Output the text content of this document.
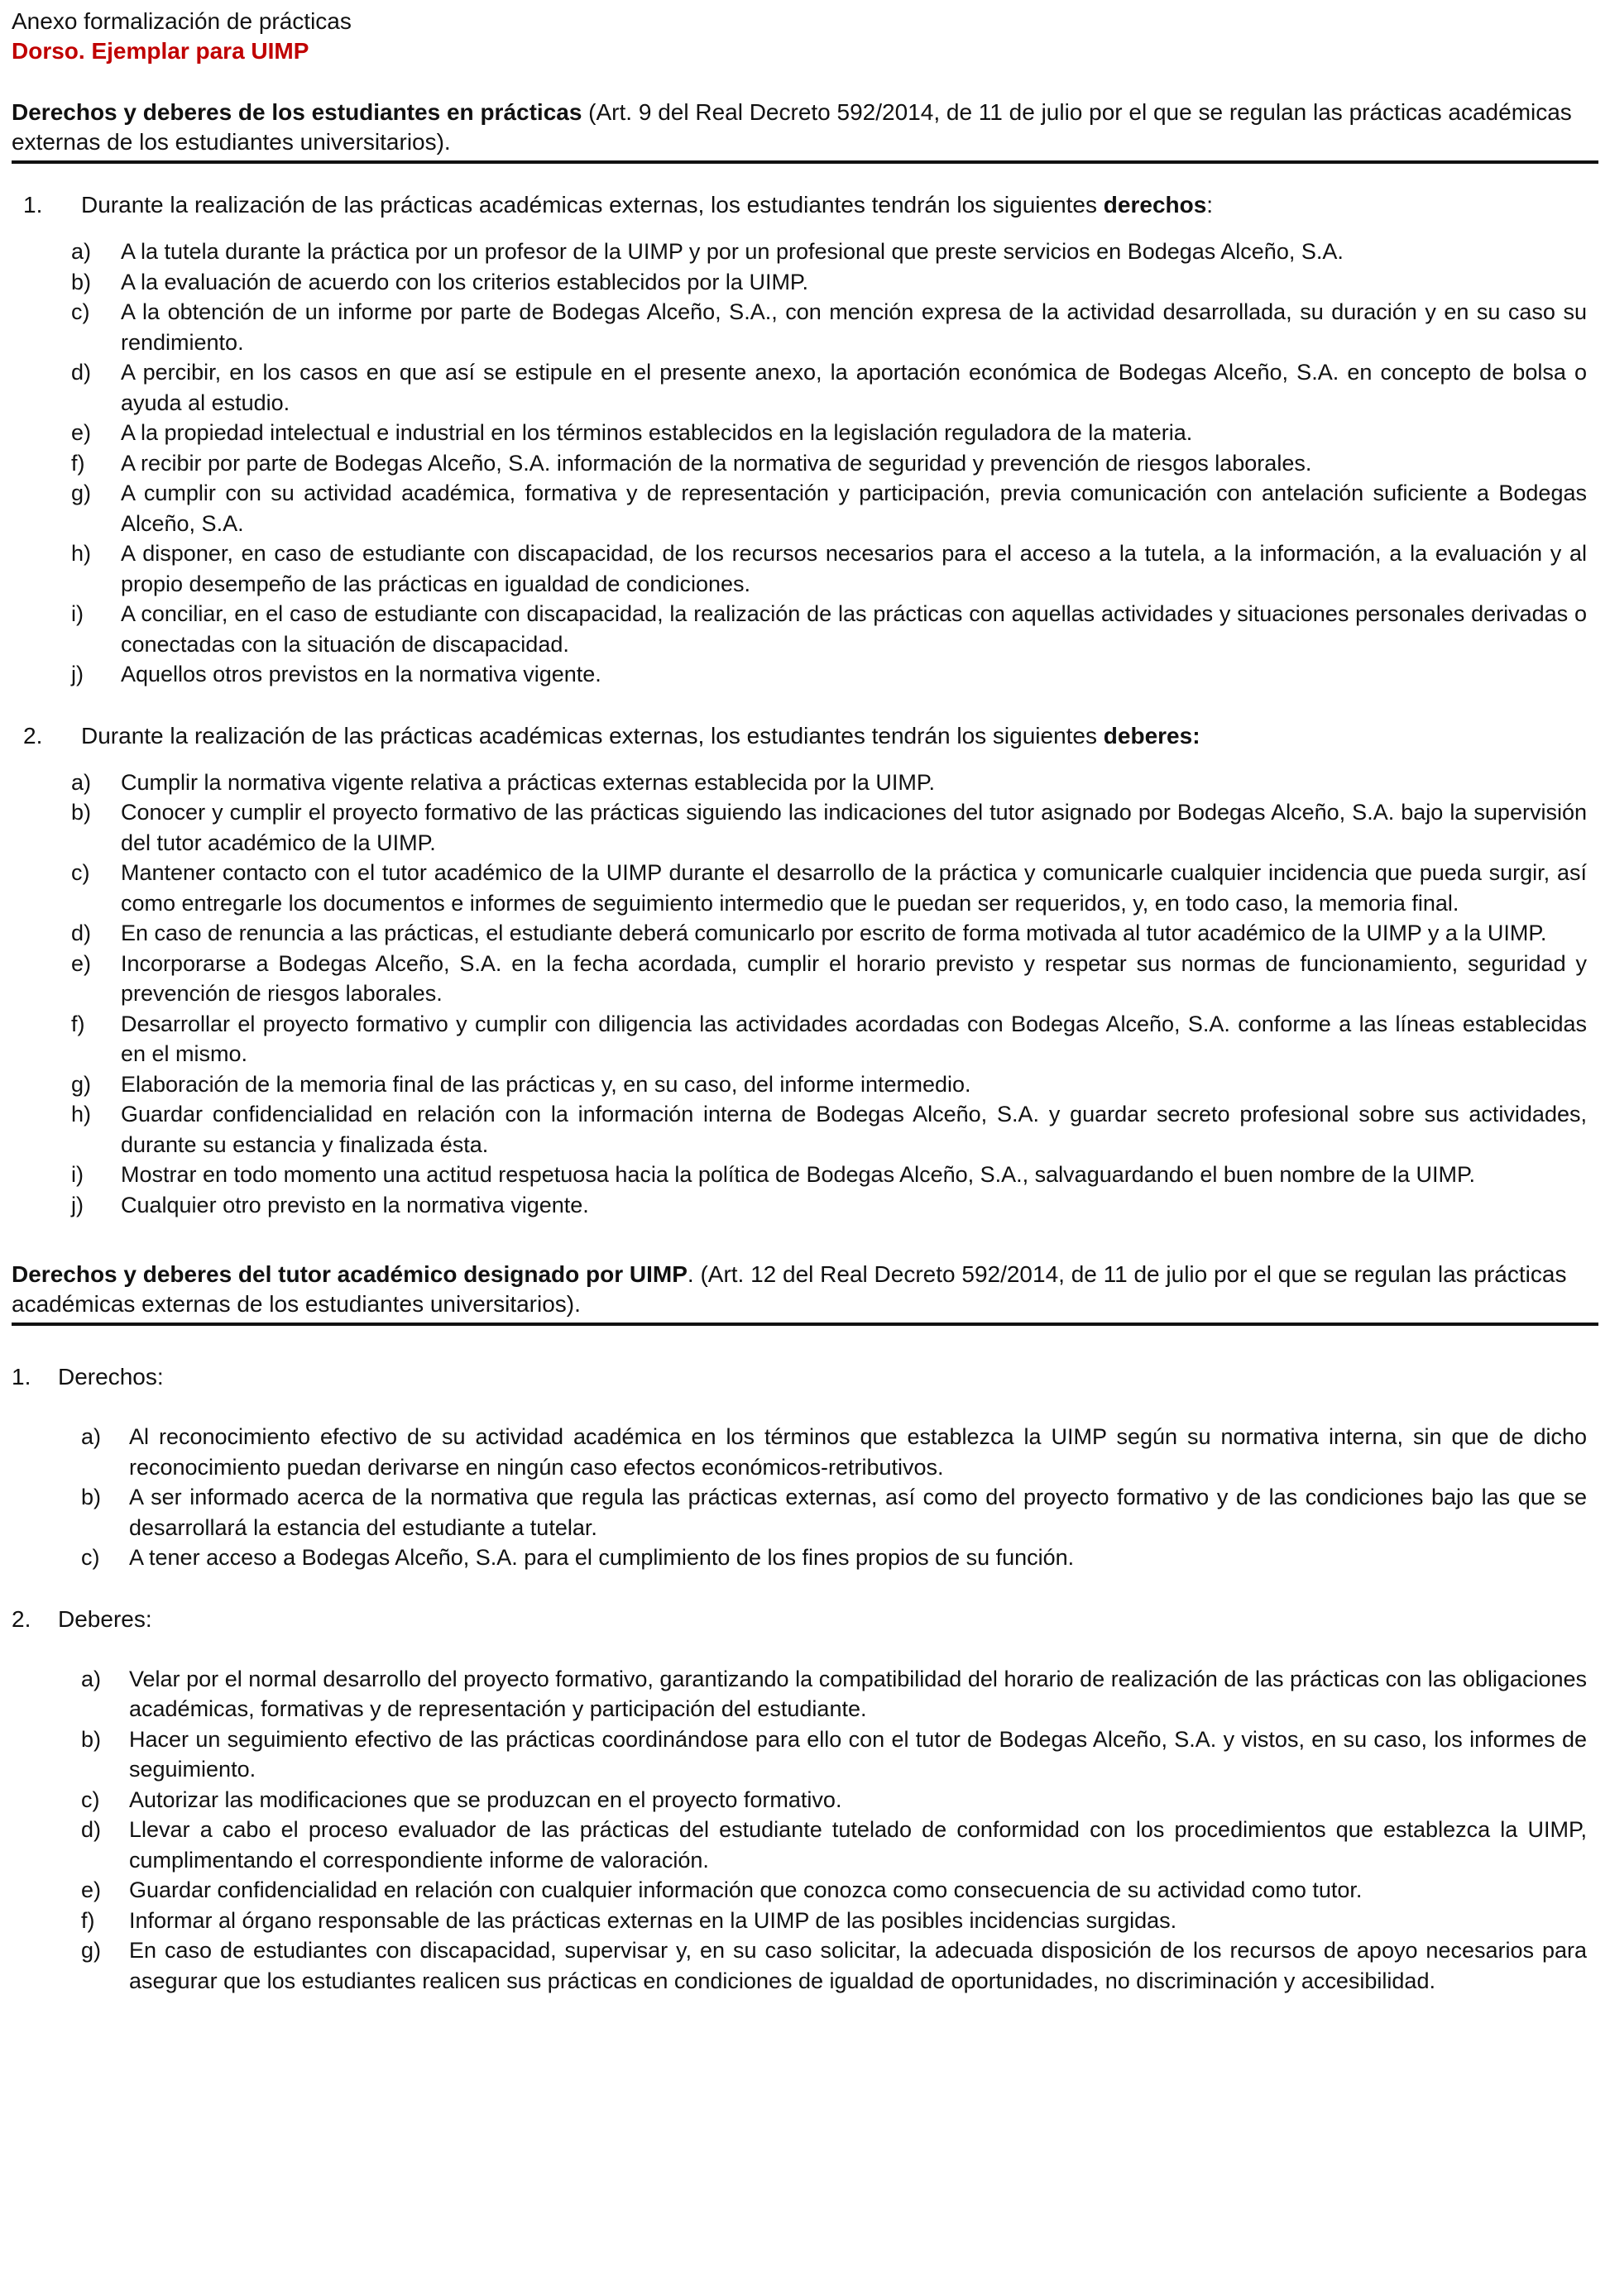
Anexo formalización de prácticas
Dorso. Ejemplar para UIMP
Derechos y deberes de los estudiantes en prácticas (Art. 9 del Real Decreto 592/2014, de 11 de julio por el que se regulan las prácticas académicas externas de los estudiantes universitarios).
1.	Durante la realización de las prácticas académicas externas, los estudiantes tendrán los siguientes derechos:
a)	A la tutela durante la práctica por un profesor de la UIMP y por un profesional que preste servicios en Bodegas Alceño, S.A.
b)	A la evaluación de acuerdo con los criterios establecidos por la UIMP.
c)	A la obtención de un informe por parte de Bodegas Alceño, S.A., con mención expresa de la actividad desarrollada, su duración y en su caso su rendimiento.
d)	A percibir, en los casos en que así se estipule en el presente anexo, la aportación económica de Bodegas Alceño, S.A. en concepto de bolsa o ayuda al estudio.
e)	A la propiedad intelectual e industrial en los términos establecidos en la legislación reguladora de la materia.
f)	A recibir por parte de Bodegas Alceño, S.A. información de la normativa de seguridad y prevención de riesgos laborales.
g)	A cumplir con su actividad académica, formativa y de representación y participación, previa comunicación con antelación suficiente a Bodegas Alceño, S.A.
h)	A disponer, en caso de estudiante con discapacidad, de los recursos necesarios para el acceso a la tutela, a la información, a la evaluación y al propio desempeño de las prácticas en igualdad de condiciones.
i)	A conciliar, en el caso de estudiante con discapacidad, la realización de las prácticas con aquellas actividades y situaciones personales derivadas o conectadas con la situación de discapacidad.
j)	Aquellos otros previstos en la normativa vigente.
2.	Durante la realización de las prácticas académicas externas, los estudiantes tendrán los siguientes deberes:
a)	Cumplir la normativa vigente relativa a prácticas externas establecida por la UIMP.
b)	Conocer y cumplir el proyecto formativo de las prácticas siguiendo las indicaciones del tutor asignado por Bodegas Alceño, S.A. bajo la supervisión del tutor académico de la UIMP.
c)	Mantener contacto con el tutor académico de la UIMP durante el desarrollo de la práctica y comunicarle cualquier incidencia que pueda surgir, así como entregarle los documentos e informes de seguimiento intermedio que le puedan ser requeridos, y, en todo caso, la memoria final.
d)	En caso de renuncia a las prácticas, el estudiante deberá comunicarlo por escrito de forma motivada al tutor académico de la UIMP y a la UIMP.
e)	Incorporarse a Bodegas Alceño, S.A. en la fecha acordada, cumplir el horario previsto y respetar sus normas de funcionamiento, seguridad y prevención de riesgos laborales.
f)	Desarrollar el proyecto formativo y cumplir con diligencia las actividades acordadas con Bodegas Alceño, S.A. conforme a las líneas establecidas en el mismo.
g)	Elaboración de la memoria final de las prácticas y, en su caso, del informe intermedio.
h)	Guardar confidencialidad en relación con la información interna de Bodegas Alceño, S.A. y guardar secreto profesional sobre sus actividades, durante su estancia y finalizada ésta.
i)	Mostrar en todo momento una actitud respetuosa hacia la política de Bodegas Alceño, S.A., salvaguardando el buen nombre de la UIMP.
j)	Cualquier otro previsto en la normativa vigente.
Derechos y deberes del tutor académico designado por UIMP. (Art. 12 del Real Decreto 592/2014, de 11 de julio por el que se regulan las prácticas académicas externas de los estudiantes universitarios).
1.	Derechos:
a)	Al reconocimiento efectivo de su actividad académica en los términos que establezca la UIMP según su normativa interna, sin que de dicho reconocimiento puedan derivarse en ningún caso efectos económicos-retributivos.
b)	A ser informado acerca de la normativa que regula las prácticas externas, así como del proyecto formativo y de las condiciones bajo las que se desarrollará la estancia del estudiante a tutelar.
c)	A tener acceso a Bodegas Alceño, S.A. para el cumplimiento de los fines propios de su función.
2.	Deberes:
a)	Velar por el normal desarrollo del proyecto formativo, garantizando la compatibilidad del horario de realización de las prácticas con las obligaciones académicas, formativas y de representación y participación del estudiante.
b)	Hacer un seguimiento efectivo de las prácticas coordinándose para ello con el tutor de Bodegas Alceño, S.A. y vistos, en su caso, los informes de seguimiento.
c)	Autorizar las modificaciones que se produzcan en el proyecto formativo.
d)	Llevar a cabo el proceso evaluador de las prácticas del estudiante tutelado de conformidad con los procedimientos que establezca la UIMP, cumplimentando el correspondiente informe de valoración.
e)	Guardar confidencialidad en relación con cualquier información que conozca como consecuencia de su actividad como tutor.
f)	Informar al órgano responsable de las prácticas externas en la UIMP de las posibles incidencias surgidas.
g)	En caso de estudiantes con discapacidad, supervisar y, en su caso solicitar, la adecuada disposición de los recursos de apoyo necesarios para asegurar que los estudiantes realicen sus prácticas en condiciones de igualdad de oportunidades, no discriminación y accesibilidad.
